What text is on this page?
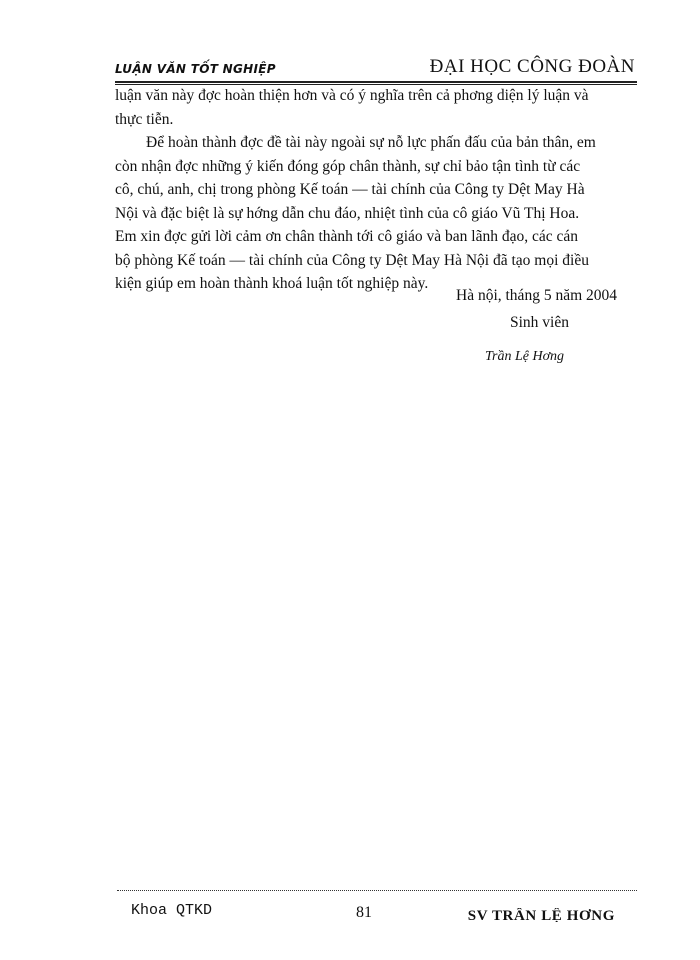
LUẬN VĂN TỐT NGHIỆP	ĐẠI HỌC CÔNG ĐOÀN

luận văn này đợc hoàn thiện hơn và có ý nghĩa trên cả phơng diện lý luận và
thực tiễn.

Để hoàn thành đợc đề tài này ngoài sự nỗ lực phấn đấu của bản thân, em
còn nhận đợc những ý kiến đóng góp chân thành, sự chỉ bảo tận tình từ các
cô, chú, anh, chị trong phòng Kế toán — tài chính của Công ty Dệt May Hà
Nội và đặc biệt là sự hớng dẫn chu đáo, nhiệt tình của cô giáo Vũ Thị Hoa.
Em xin đợc gửi lời cảm ơn chân thành tới cô giáo và ban lãnh đạo, các cán
bộ phòng Kế toán — tài chính của Công ty Dệt May Hà Nội đã tạo mọi điều
kiện giúp em hoàn thành khoá luận tốt nghiệp này.

Hà nội, tháng 5 năm 2004
Sinh viên
Trần Lệ Hơng
Khoa QTKD	81	SV TRẦN LỆ HƠNG
